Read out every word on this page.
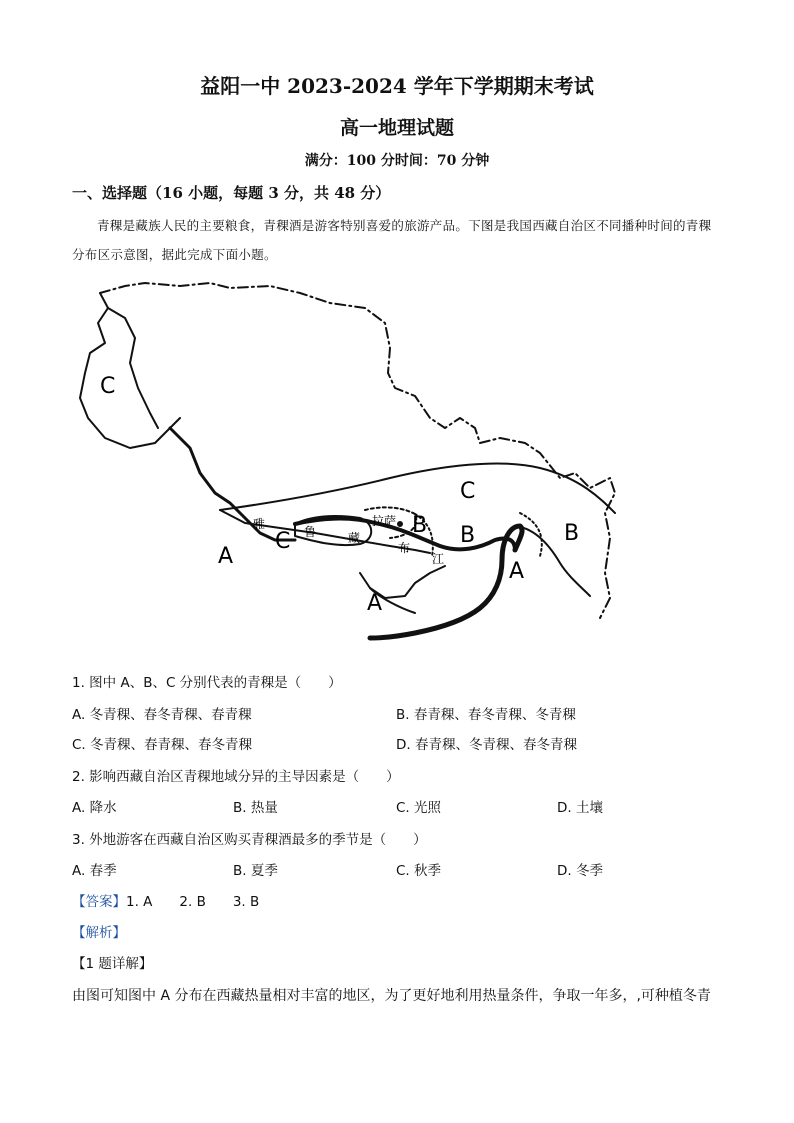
益阳一中 2023-2024 学年下学期期末考试
高一地理试题
满分：100 分时间：70 分钟
一、选择题（16 小题，每题 3 分，共 48 分）
青稞是藏族人民的主要粮食，青稞酒是游客特别喜爱的旅游产品。下图是我国西藏自治区不同播种时间的青稞分布区示意图，据此完成下面小题。
C
C
C
A
A
A
B B	B
拉萨
雅
鲁	藏
布
江
1. 图中 A、B、C 分别代表的青稞是（　　）
A. 冬青稞、春冬青稞、春青稞	B. 春青稞、春冬青稞、冬青稞
C. 冬青稞、春青稞、春冬青稞	D. 春青稞、冬青稞、春冬青稞
2. 影响西藏自治区青稞地域分异的主导因素是（　　）
A. 降水	B. 热量	C. 光照	D. 土壤
3. 外地游客在西藏自治区购买青稞酒最多的季节是（　　）
A. 春季	B. 夏季	C. 秋季	D. 冬季
【答案】1. A　　2. B　　3. B
【解析】
【1 题详解】
由图可知图中 A 分布在西藏热量相对丰富的地区，为了更好地利用热量条件，争取一年多，,可种植冬青
